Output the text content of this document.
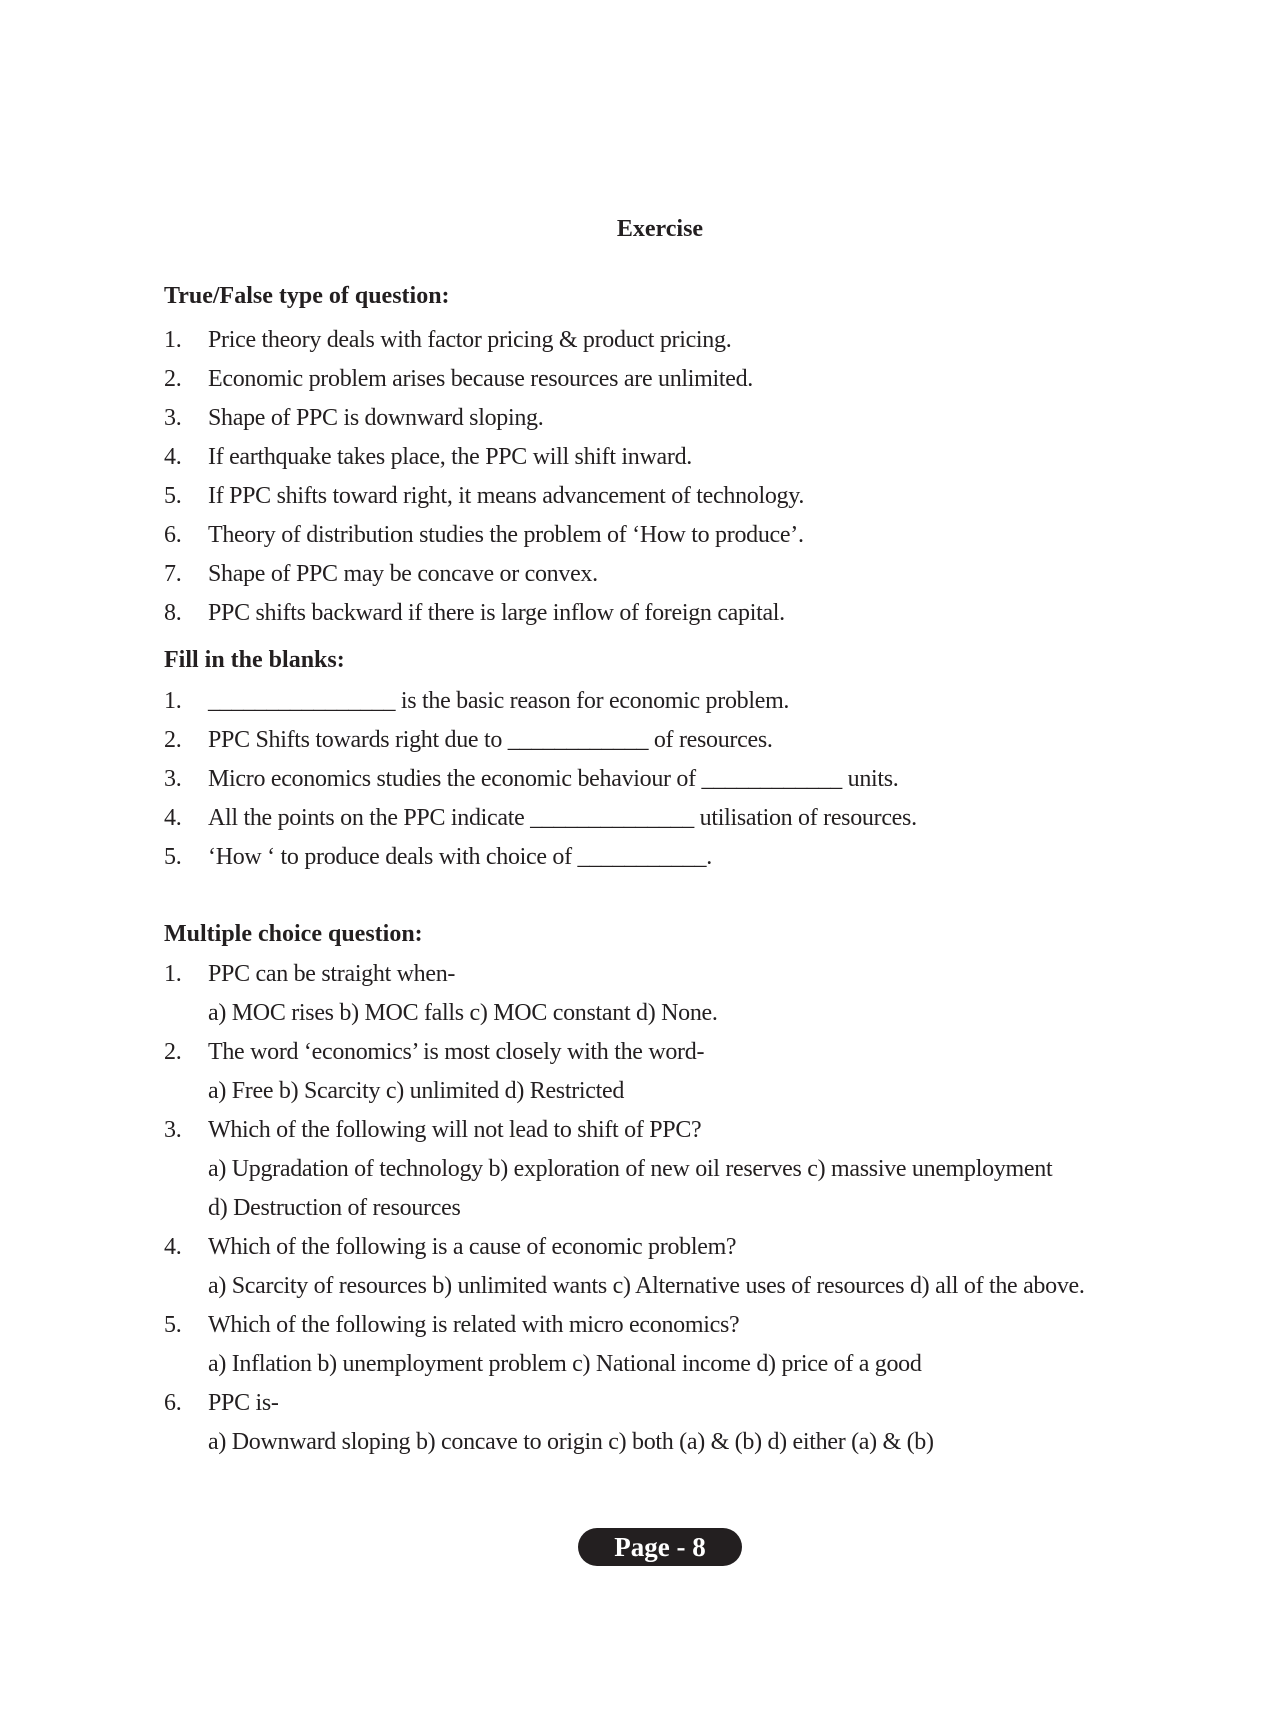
Exercise
True/False type of question:
1. Price theory deals with factor pricing & product pricing.
2. Economic problem arises because resources are unlimited.
3. Shape of PPC is downward sloping.
4. If earthquake takes place, the PPC will shift inward.
5. If PPC shifts toward right, it means advancement of technology.
6. Theory of distribution studies the problem of ‘How to produce’.
7. Shape of PPC may be concave or convex.
8. PPC shifts backward if there is large inflow of foreign capital.
Fill in the blanks:
1. ________________ is the basic reason for economic problem.
2. PPC Shifts towards right due to ____________ of resources.
3. Micro economics studies the economic behaviour of ____________ units.
4. All the points on the PPC indicate ______________ utilisation of resources.
5. ‘How ‘ to produce deals with choice of ___________.
Multiple choice question:
1. PPC can be straight when-
a) MOC rises b) MOC falls c) MOC constant d) None.
2. The word ‘economics’ is most closely with the word-
a) Free b) Scarcity c) unlimited d) Restricted
3. Which of the following will not lead to shift of PPC?
a) Upgradation of technology b) exploration of new oil reserves c) massive unemployment
d) Destruction of resources
4. Which of the following is a cause of economic problem?
a) Scarcity of resources b) unlimited wants c) Alternative uses of resources d) all of the above.
5. Which of the following is related with micro economics?
a) Inflation b) unemployment problem c) National income d) price of a good
6. PPC is-
a) Downward sloping b) concave to origin c) both (a) & (b) d) either (a) & (b)
Page - 8
